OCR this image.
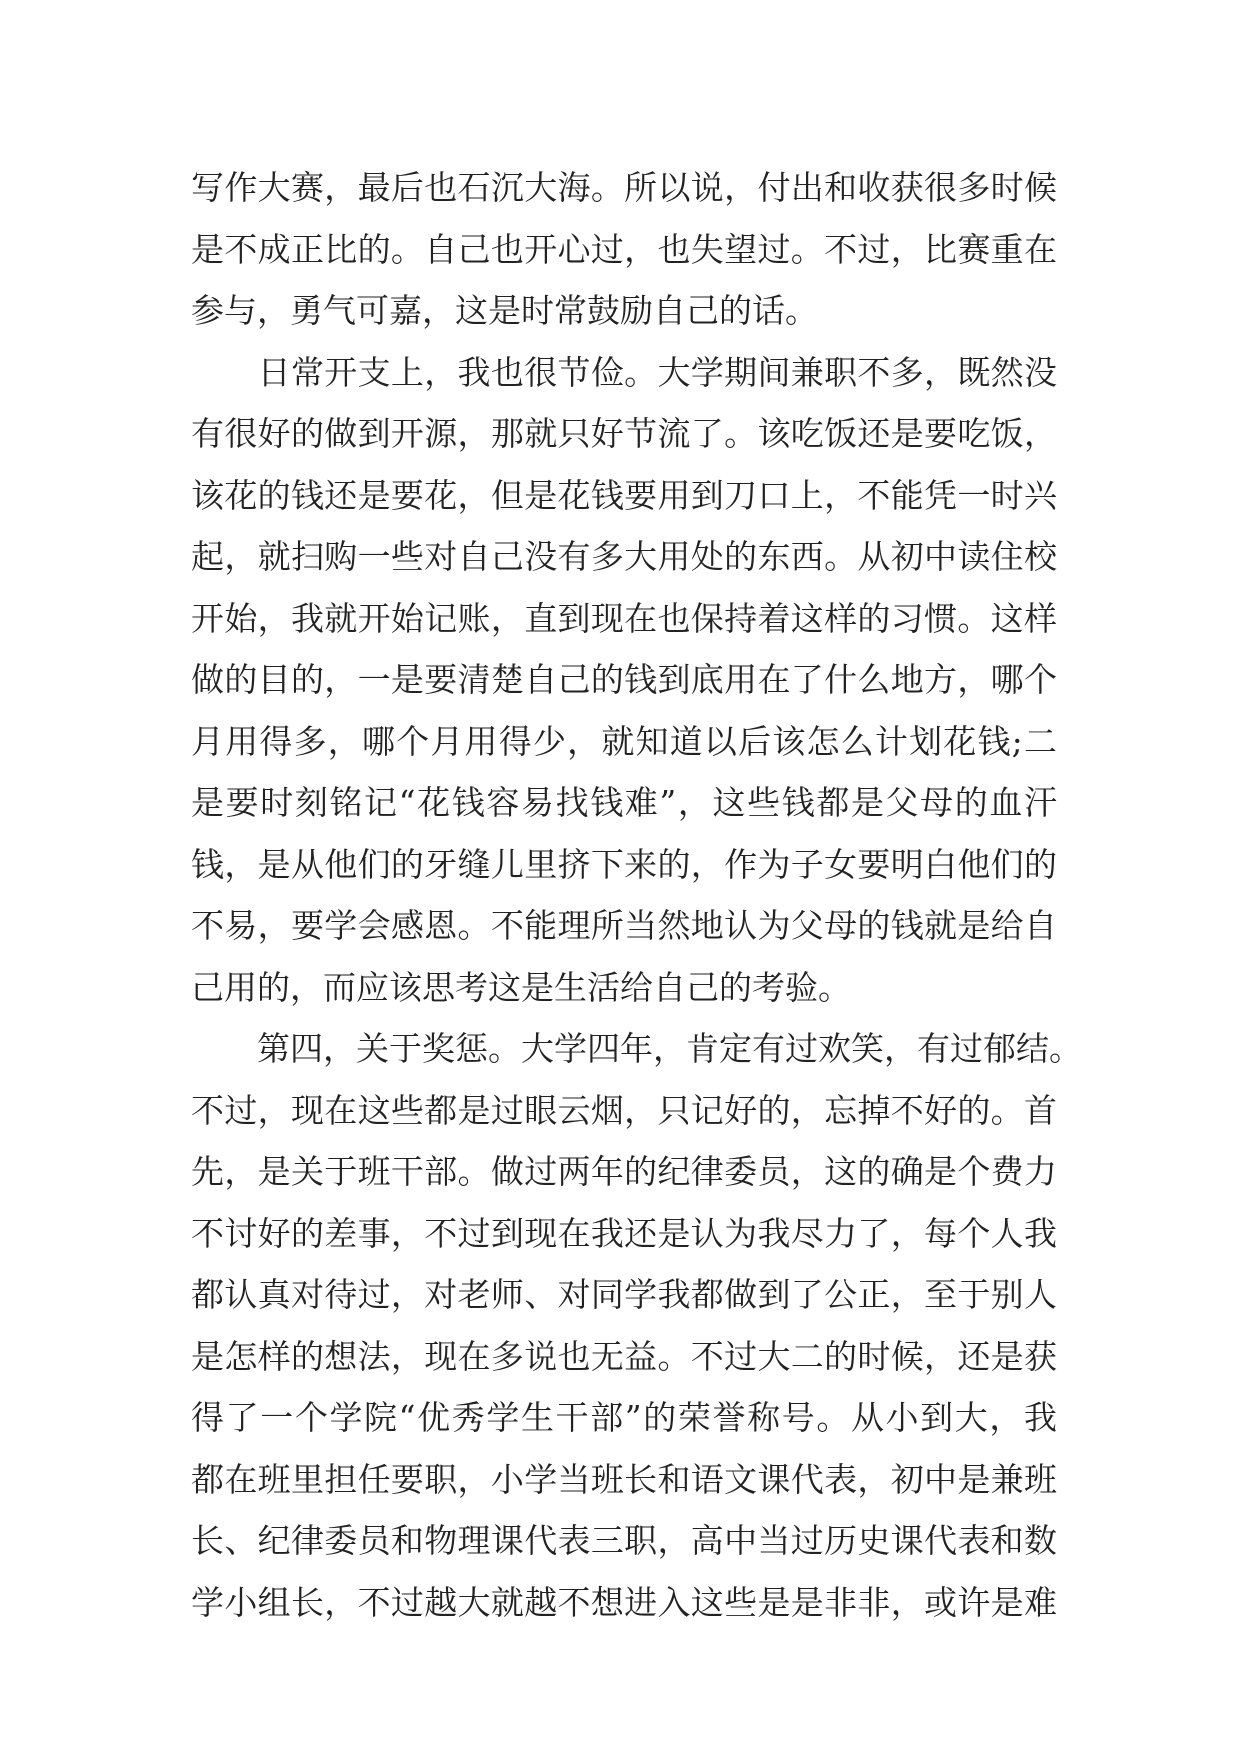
写作大赛，最后也石沉大海。所以说，付出和收获很多时候
是不成正比的。自己也开心过，也失望过。不过，比赛重在
参与，勇气可嘉，这是时常鼓励自己的话。
　　日常开支上，我也很节俭。大学期间兼职不多，既然没
有很好的做到开源，那就只好节流了。该吃饭还是要吃饭，
该花的钱还是要花，但是花钱要用到刀口上，不能凭一时兴
起，就扫购一些对自己没有多大用处的东西。从初中读住校
开始，我就开始记账，直到现在也保持着这样的习惯。这样
做的目的，一是要清楚自己的钱到底用在了什么地方，哪个
月用得多，哪个月用得少，就知道以后该怎么计划花钱;二
是要时刻铭记“花钱容易找钱难”，这些钱都是父母的血汗
钱，是从他们的牙缝儿里挤下来的，作为子女要明白他们的
不易，要学会感恩。不能理所当然地认为父母的钱就是给自
己用的，而应该思考这是生活给自己的考验。
　　第四，关于奖惩。大学四年，肯定有过欢笑，有过郁结。
不过，现在这些都是过眼云烟，只记好的，忘掉不好的。首
先，是关于班干部。做过两年的纪律委员，这的确是个费力
不讨好的差事，不过到现在我还是认为我尽力了，每个人我
都认真对待过，对老师、对同学我都做到了公正，至于别人
是怎样的想法，现在多说也无益。不过大二的时候，还是获
得了一个学院“优秀学生干部”的荣誉称号。从小到大，我
都在班里担任要职，小学当班长和语文课代表，初中是兼班
长、纪律委员和物理课代表三职，高中当过历史课代表和数
学小组长，不过越大就越不想进入这些是是非非，或许是难
